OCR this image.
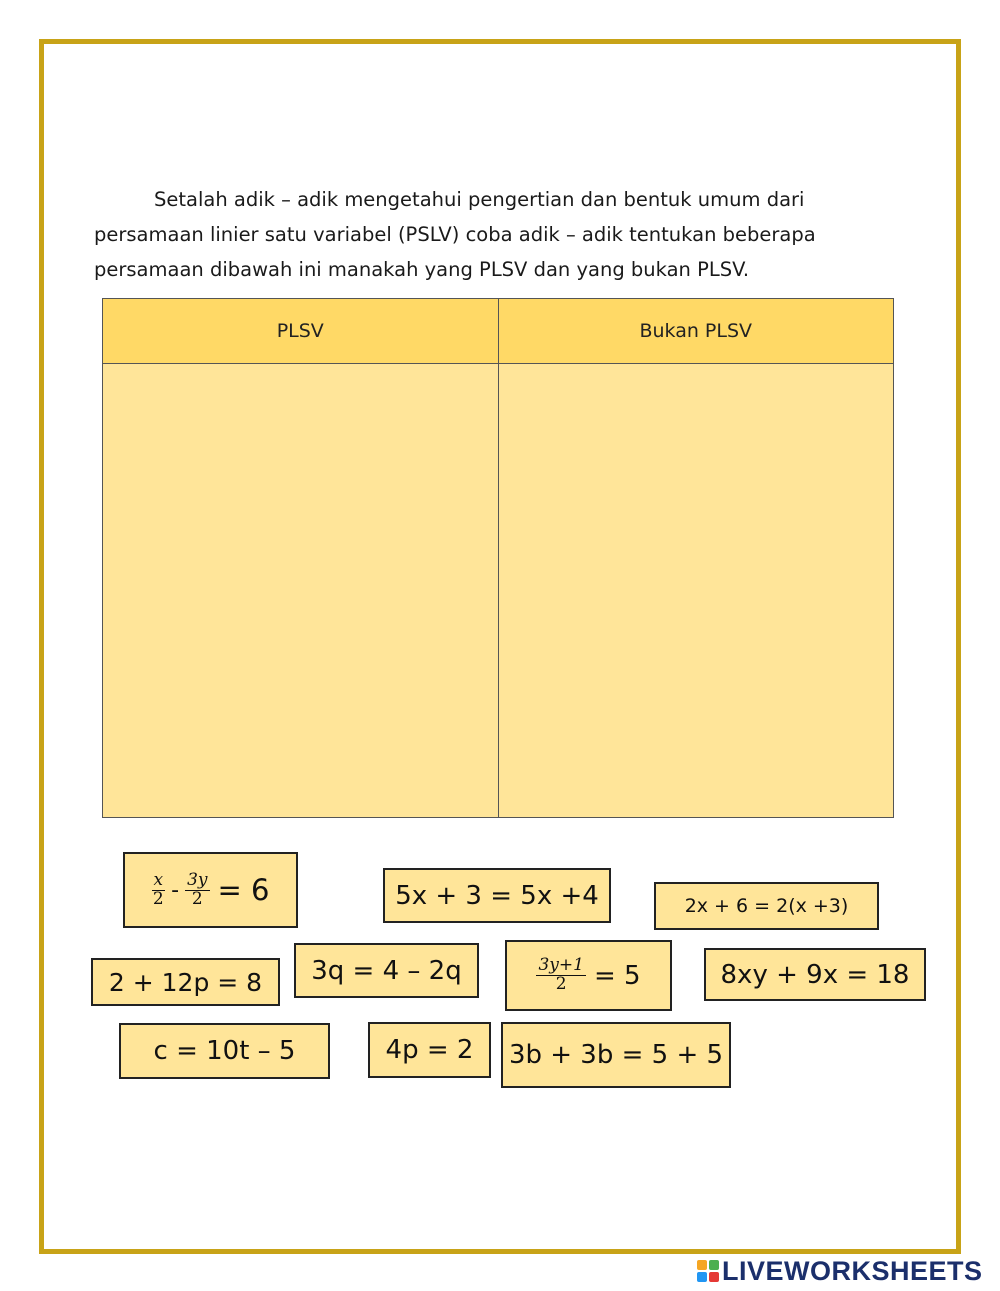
Setalah adik – adik mengetahui pengertian dan bentuk umum dari
persamaan linier satu variabel (PSLV) coba adik – adik tentukan beberapa
persamaan dibawah ini manakah yang PLSV dan yang bukan PLSV.
PLSV	Bukan PLSV
$\frac{x}{2} - \frac{3y}{2} = 6$	5x + 3 = 5x +4	2x + 6 = 2(x +3)
2 + 12p = 8	3q = 4 – 2q	$\frac{3y+1}{2} = 5$	8xy + 9x = 18
c = 10t – 5	4p = 2	3b + 3b = 5 + 5
LIVEWORKSHEETS
